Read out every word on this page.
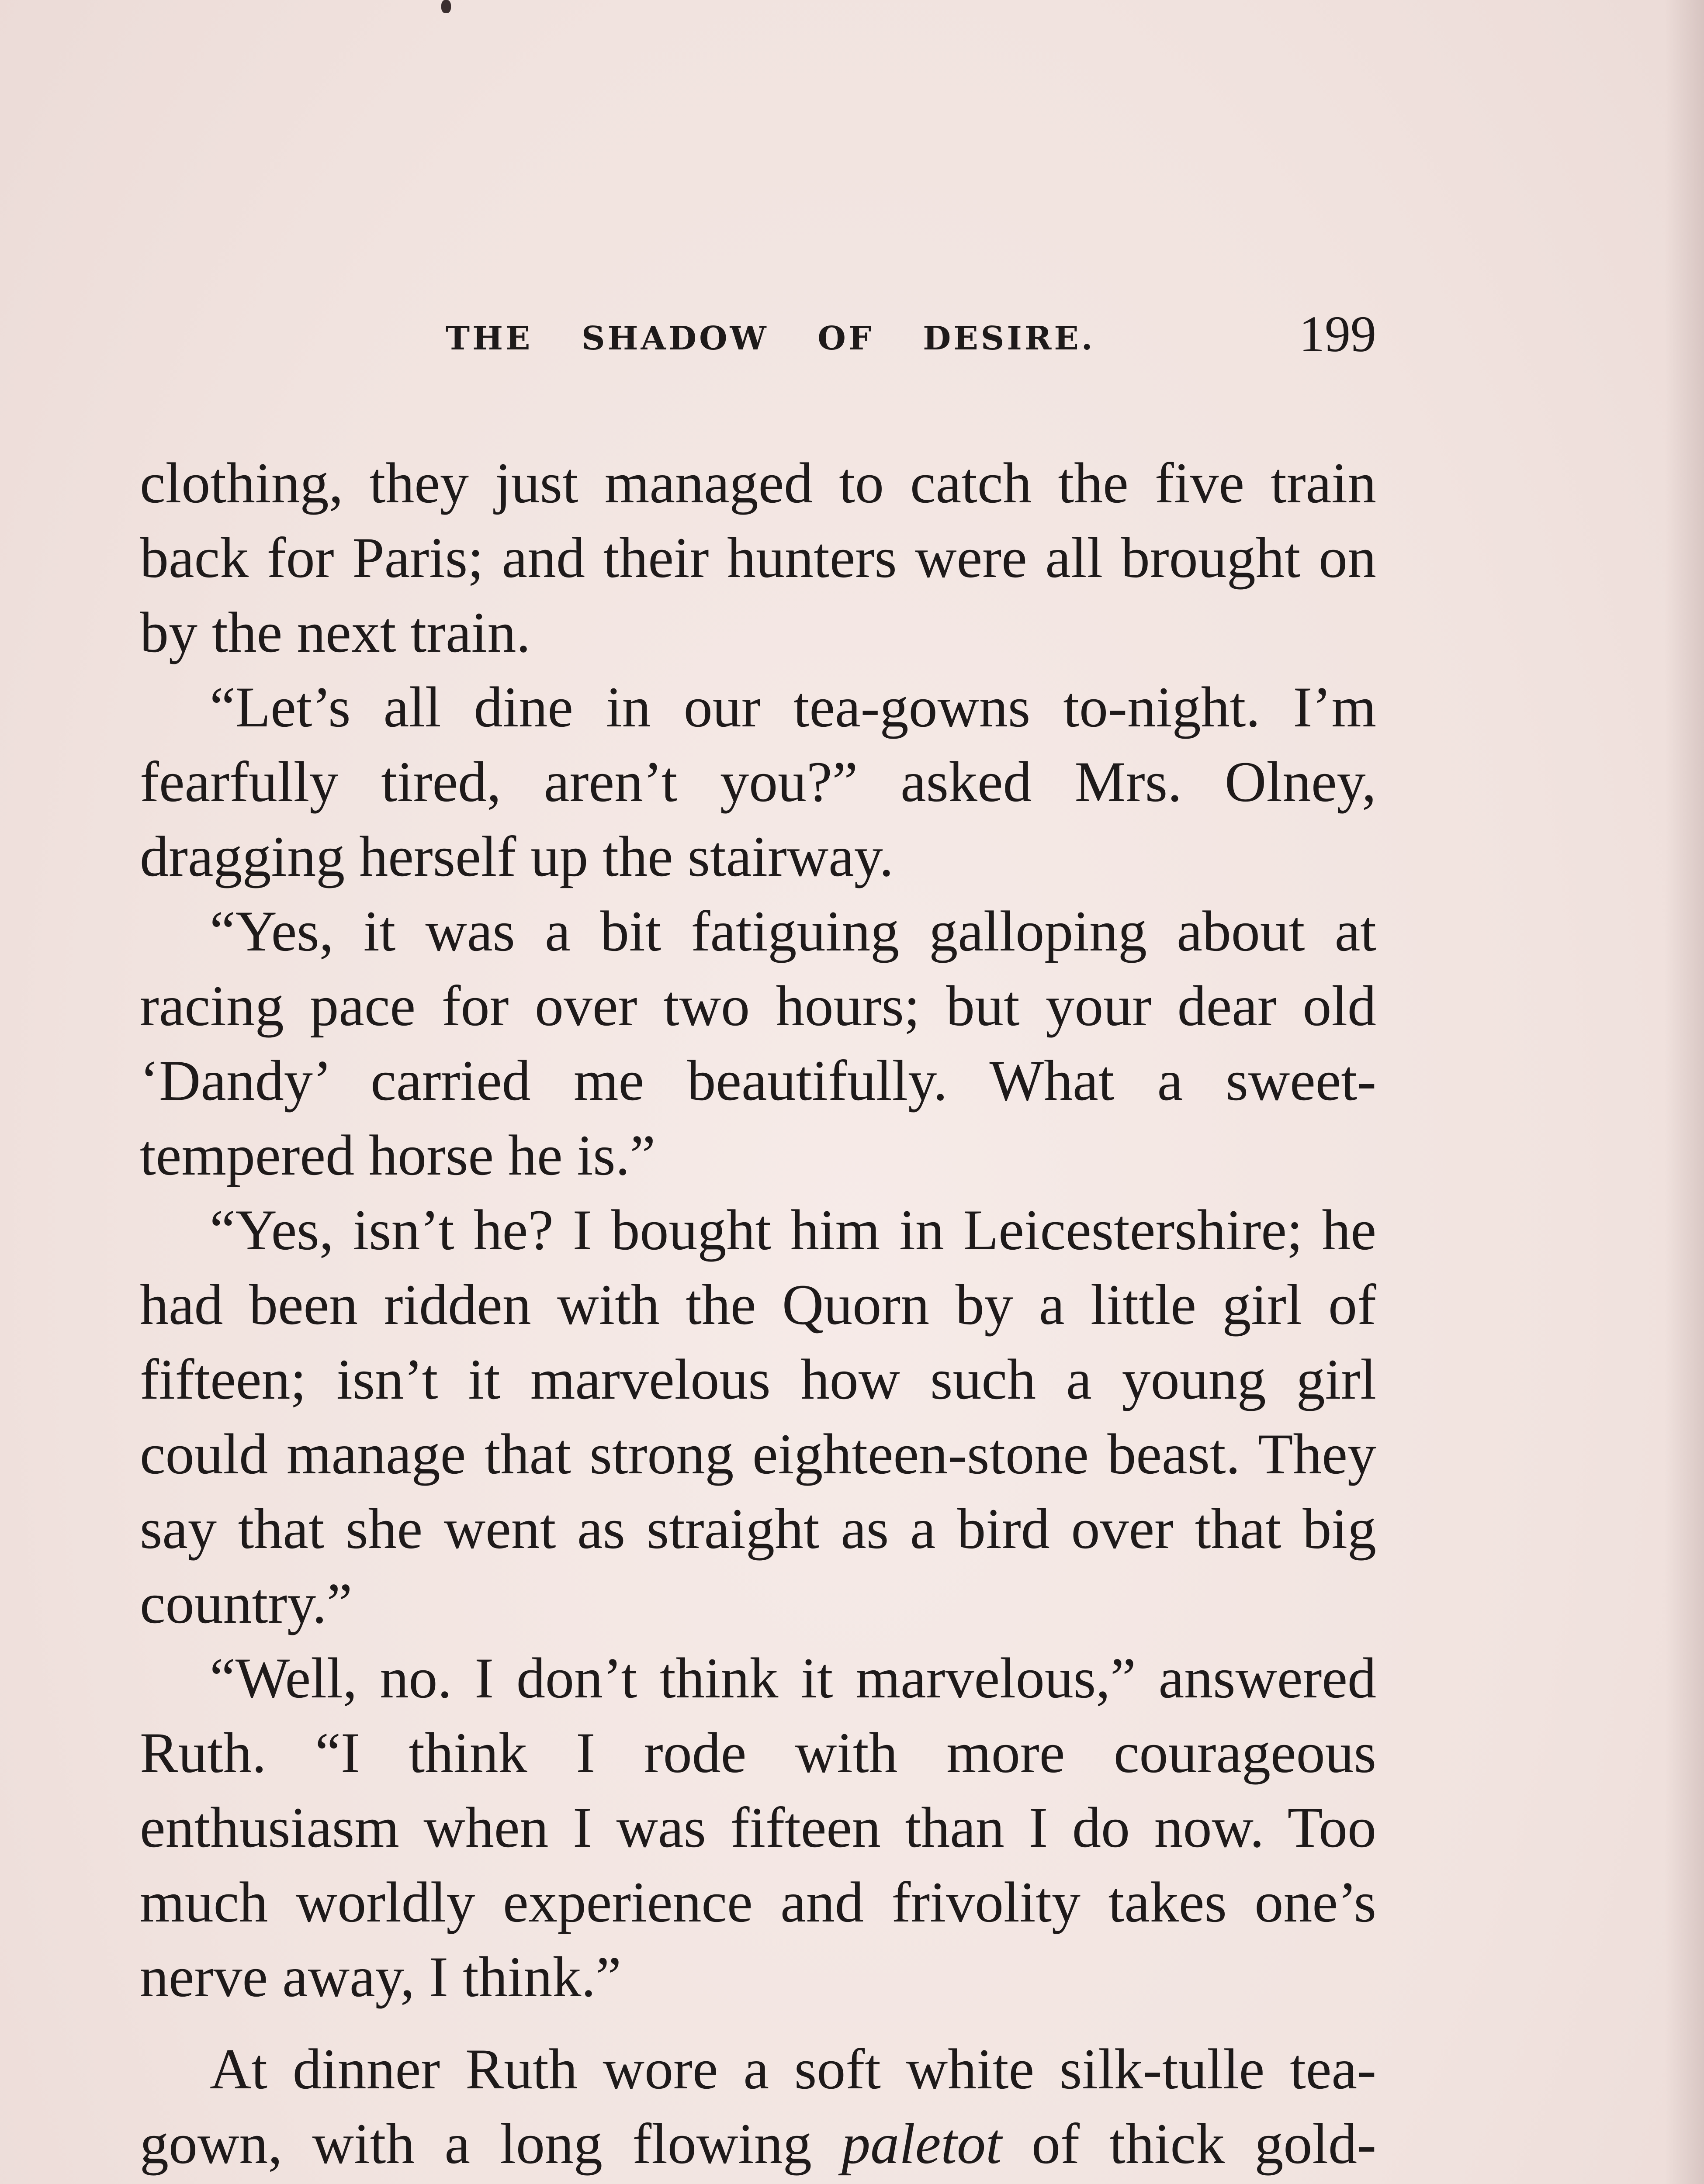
THE SHADOW OF DESIRE.	199

clothing, they just managed to catch the five train back for Paris; and their hunters were all brought on by the next train.

“Let’s all dine in our tea-gowns to-night. I’m fearfully tired, aren’t you?” asked Mrs. Olney, dragging herself up the stairway.

“Yes, it was a bit fatiguing galloping about at racing pace for over two hours; but your dear old ‘Dandy’ carried me beautifully. What a sweet-tempered horse he is.”

“Yes, isn’t he? I bought him in Leicestershire; he had been ridden with the Quorn by a little girl of fifteen; isn’t it marvelous how such a young girl could manage that strong eighteen-stone beast. They say that she went as straight as a bird over that big country.”

“Well, no. I don’t think it marvelous,” answered Ruth. “I think I rode with more courageous enthusiasm when I was fifteen than I do now. Too much worldly experience and frivolity takes one’s nerve away, I think.”

At dinner Ruth wore a soft white silk-tulle tea-gown, with a long flowing paletot of thick gold-
